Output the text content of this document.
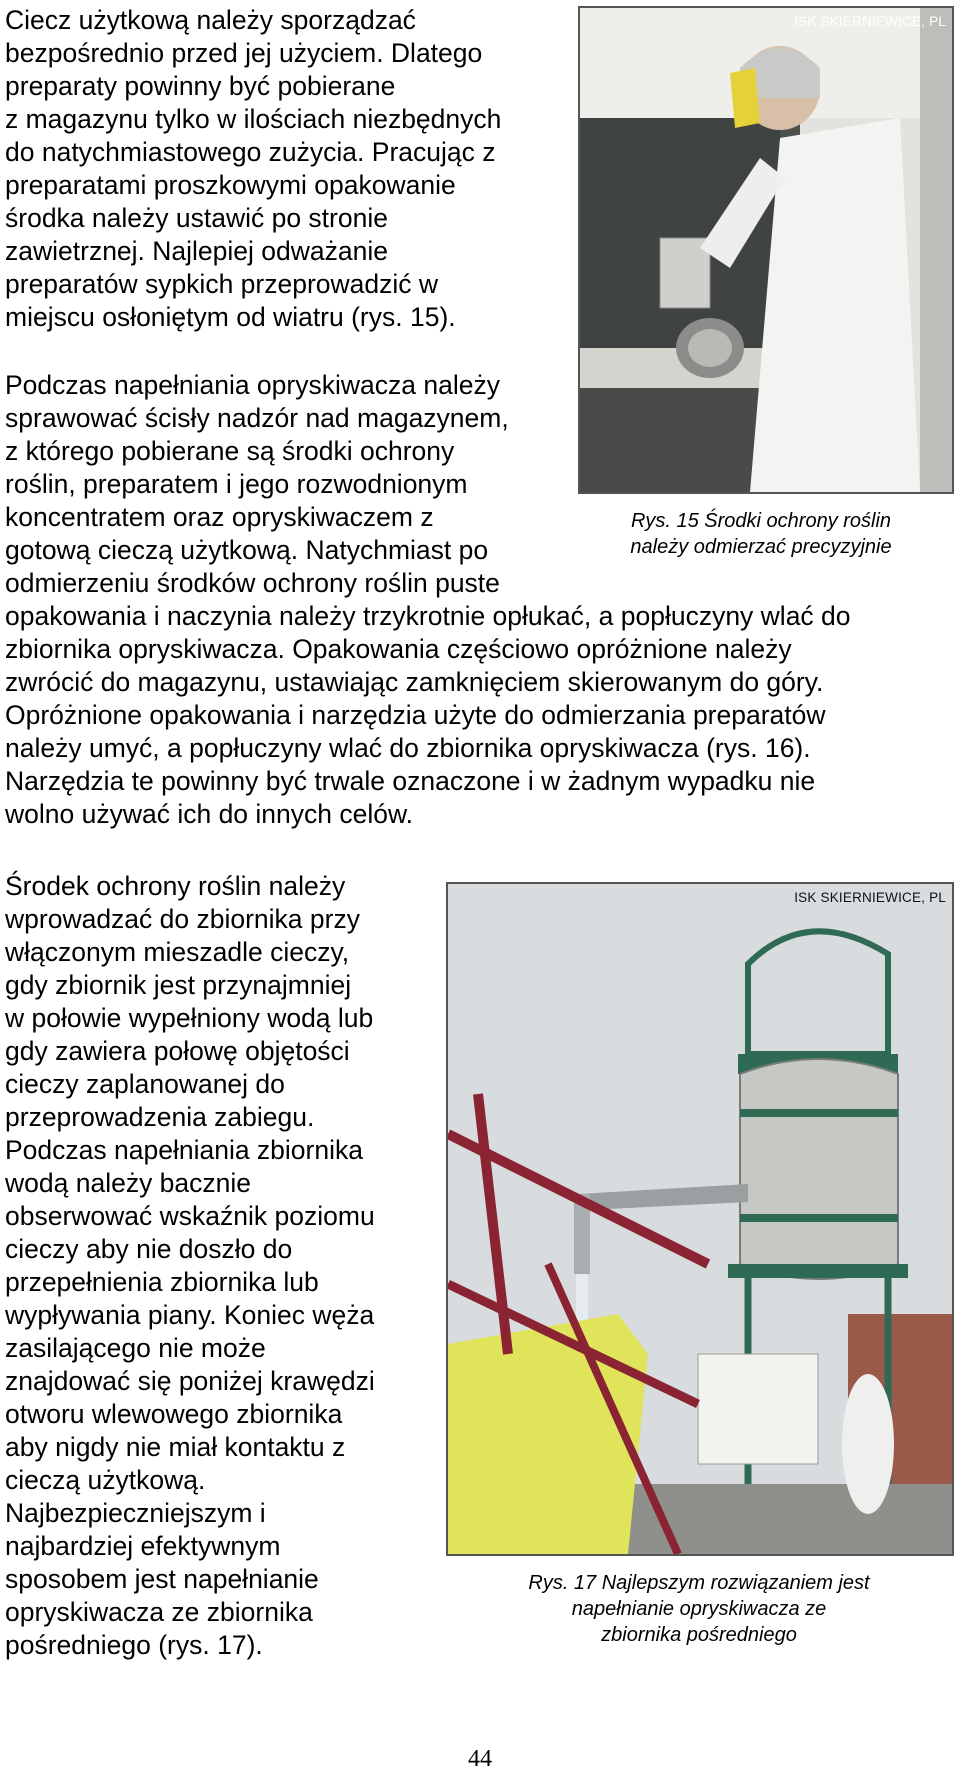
Ciecz użytkową należy sporządzać
bezpośrednio przed jej użyciem. Dlatego
preparaty powinny być pobierane
z magazynu tylko w ilościach niezbędnych
do natychmiastowego zużycia. Pracując z
preparatami proszkowymi opakowanie
środka należy ustawić po stronie
zawietrznej. Najlepiej odważanie
preparatów sypkich przeprowadzić w
miejscu osłoniętym od wiatru (rys. 15).
Podczas napełniania opryskiwacza należy
sprawować ścisły nadzór nad magazynem,
z którego pobierane są środki ochrony
roślin, preparatem i jego rozwodnionym
koncentratem oraz opryskiwaczem z
gotową cieczą użytkową. Natychmiast po
odmierzeniu środków ochrony roślin puste
opakowania i naczynia należy trzykrotnie opłukać, a popłuczyny wlać do
zbiornika opryskiwacza. Opakowania częściowo opróżnione należy
zwrócić do magazynu, ustawiając zamknięciem skierowanym do góry.
Opróżnione opakowania i narzędzia użyte do odmierzania preparatów
należy umyć, a popłuczyny wlać do zbiornika opryskiwacza (rys. 16).
Narzędzia te powinny być trwale oznaczone i w żadnym wypadku nie
wolno używać ich do innych celów.
Środek ochrony roślin należy
wprowadzać do zbiornika przy
włączonym mieszadle cieczy,
gdy zbiornik jest przynajmniej
w połowie wypełniony wodą lub
gdy zawiera połowę objętości
cieczy zaplanowanej do
przeprowadzenia zabiegu.
Podczas napełniania zbiornika
wodą należy bacznie
obserwować wskaźnik poziomu
cieczy aby nie doszło do
przepełnienia zbiornika lub
wypływania piany. Koniec węża
zasilającego nie może
znajdować się poniżej krawędzi
otworu wlewowego zbiornika
aby nigdy nie miał kontaktu z
cieczą użytkową.
Najbezpieczniejszym i
najbardziej efektywnym
sposobem jest napełnianie
opryskiwacza ze zbiornika
pośredniego (rys. 17).
ISK SKIERNIEWICE, PL

Rys. 15 Środki ochrony roślin
należy odmierzać precyzyjnie

ISK SKIERNIEWICE, PL

Rys. 17 Najlepszym rozwiązaniem jest
napełnianie opryskiwacza ze
zbiornika pośredniego

44
